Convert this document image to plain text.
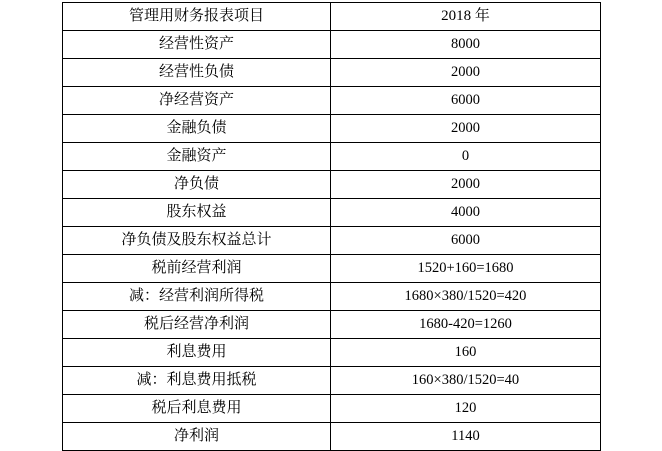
管理用财务报表项目	2018 年
经营性资产	8000
经营性负债	2000
净经营资产	6000
金融负债	2000
金融资产	0
净负债	2000
股东权益	4000
净负债及股东权益总计	6000
税前经营利润	1520+160=1680
减：经营利润所得税	1680×380/1520=420
税后经营净利润	1680-420=1260
利息费用	160
减：利息费用抵税	160×380/1520=40
税后利息费用	120
净利润	1140
